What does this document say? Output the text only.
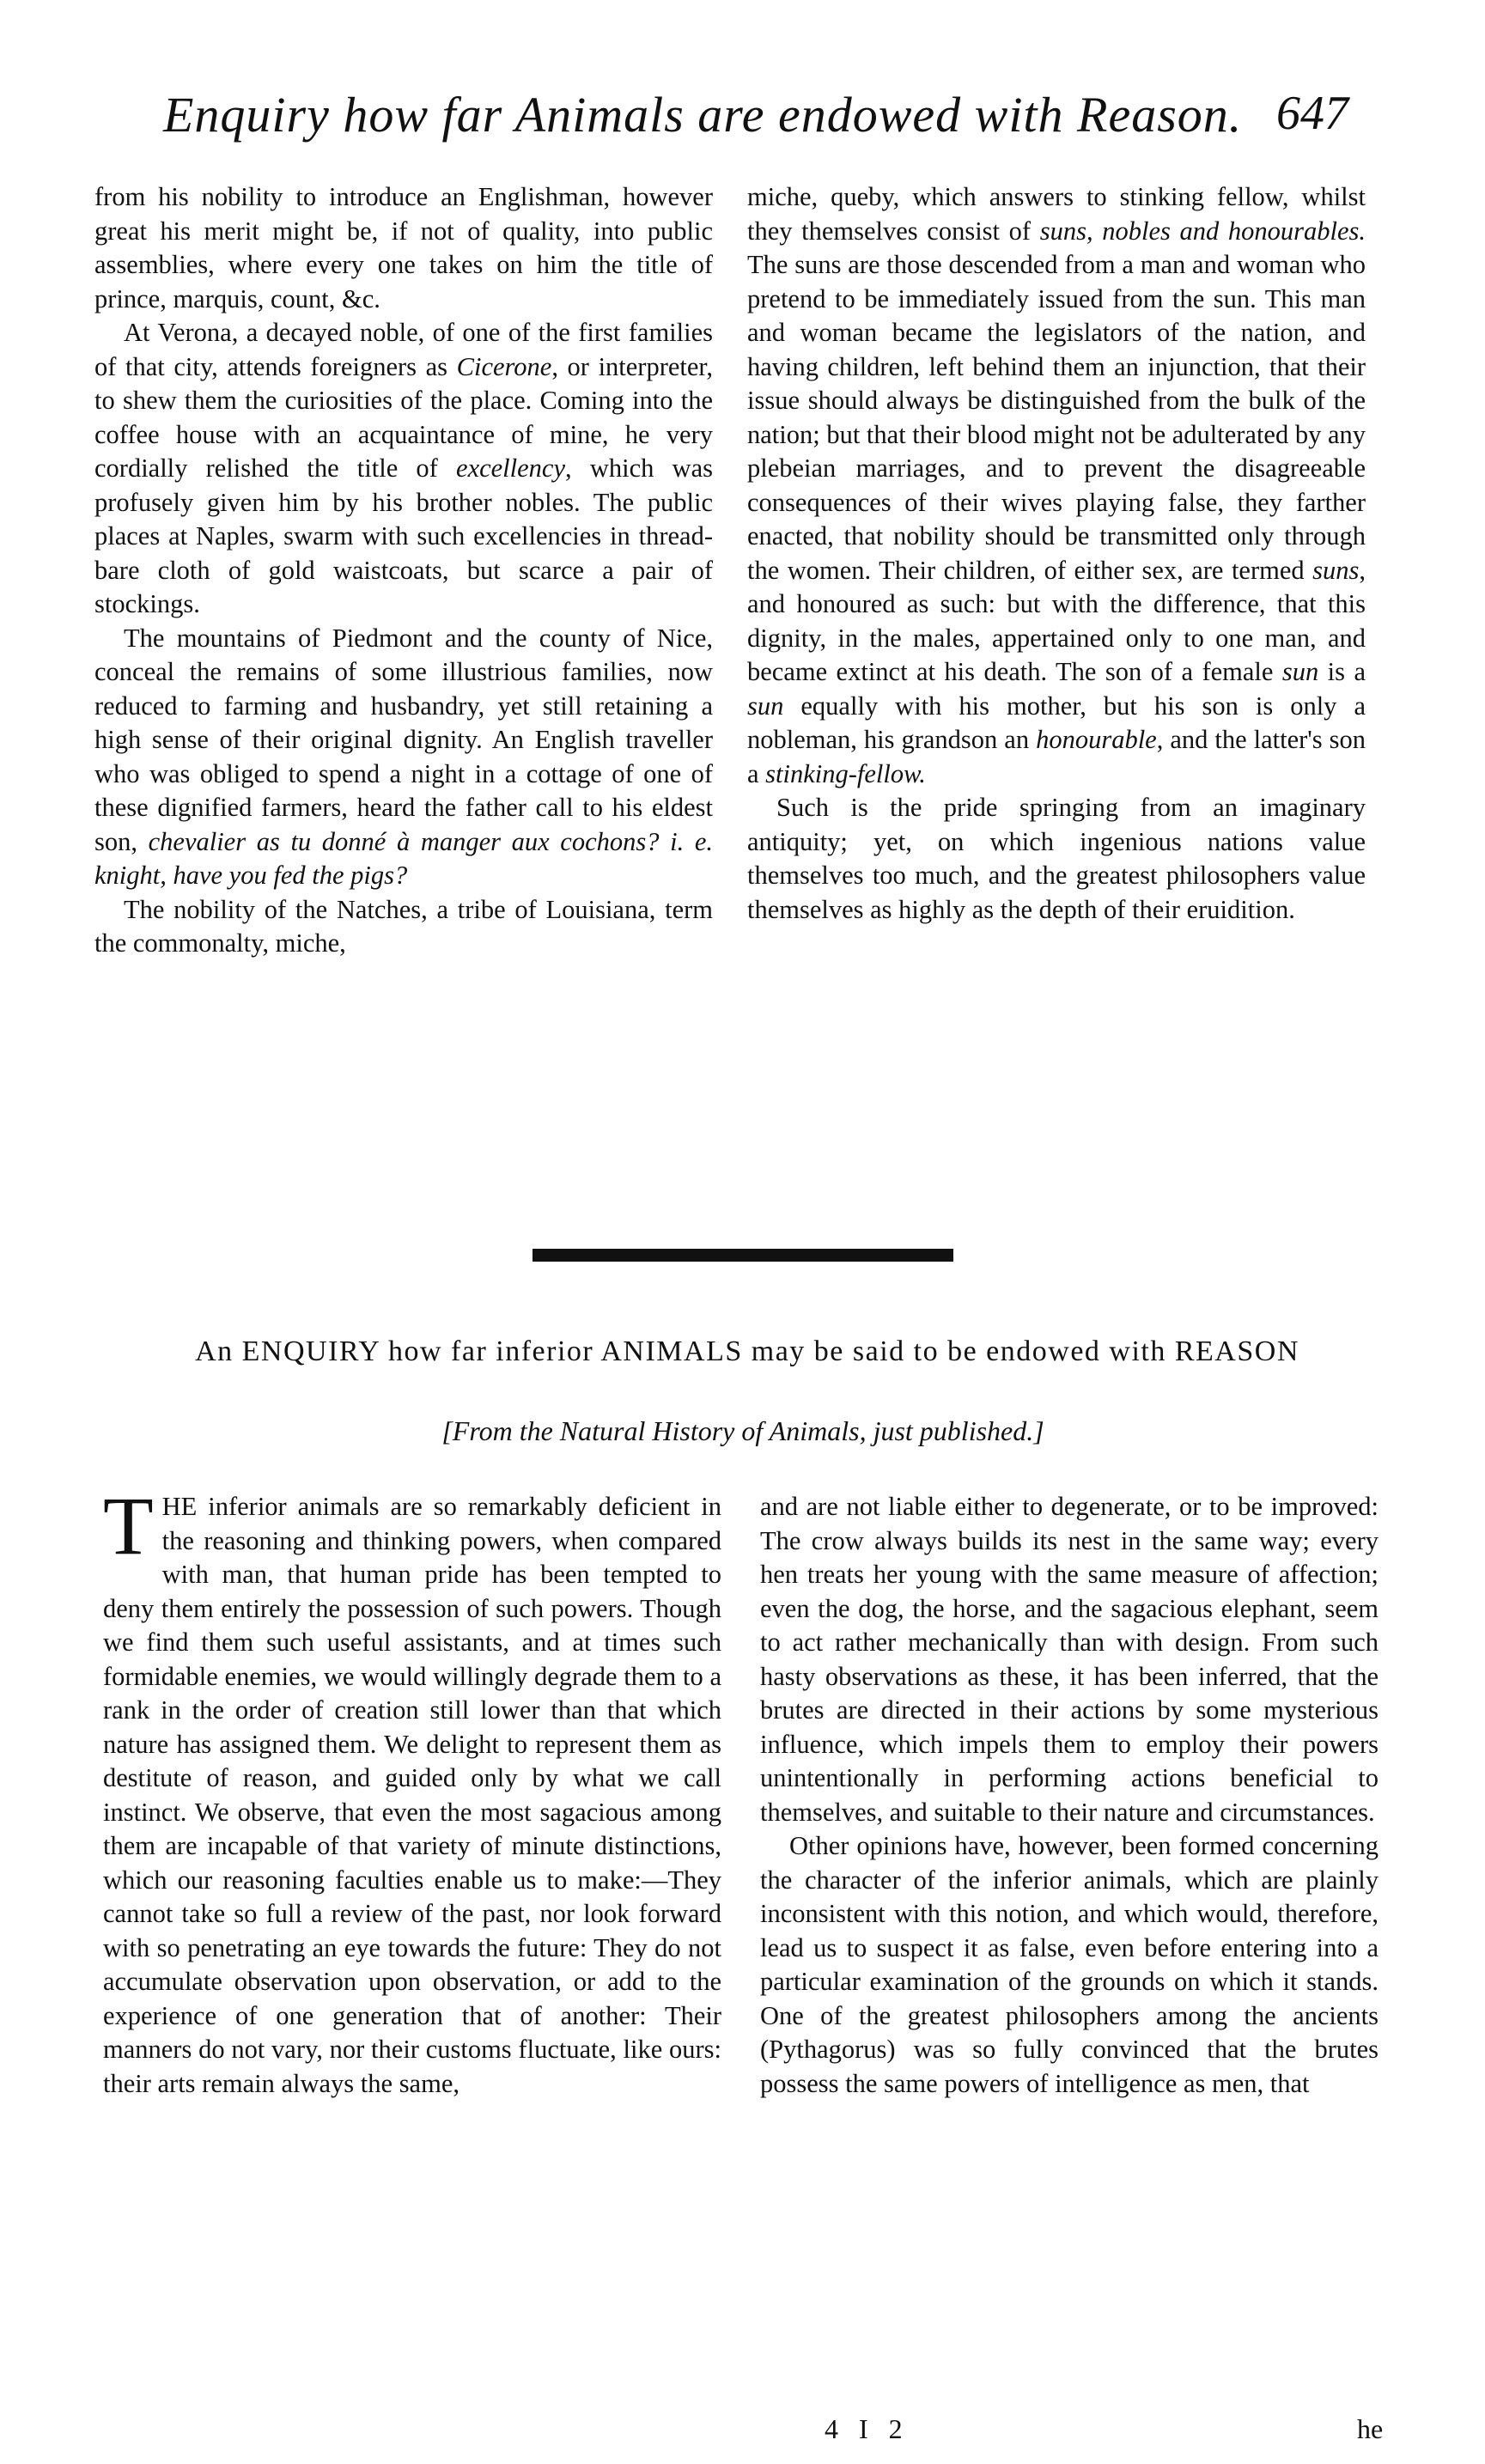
Enquiry how far Animals are endowed with Reason. 647

from his nobility to introduce an Englishman, however great his merit might be, if not of quality, into public assemblies, where every one takes on him the title of prince, marquis, count, &c.

At Verona, a decayed noble, of one of the first families of that city, attends foreigners as Cicerone, or interpreter, to shew them the curiosities of the place. Coming into the coffee house with an acquaintance of mine, he very cordially relished the title of excellency, which was profusely given him by his brother nobles. The public places at Naples, swarm with such excellencies in thread-bare cloth of gold waistcoats, but scarce a pair of stockings.

The mountains of Piedmont and the county of Nice, conceal the remains of some illustrious families, now reduced to farming and husbandry, yet still retaining a high sense of their original dignity. An English traveller who was obliged to spend a night in a cottage of one of these dignified farmers, heard the father call to his eldest son, chevalier as tu donné à manger aux cochons? i. e. knight, have you fed the pigs?

The nobility of the Natches, a tribe of Louisiana, term the commonalty, miche,

miche, queby, which answers to stinking fellow, whilst they themselves consist of suns, nobles and honourables. The suns are those descended from a man and woman who pretend to be immediately issued from the sun. This man and woman became the legislators of the nation, and having children, left behind them an injunction, that their issue should always be distinguished from the bulk of the nation; but that their blood might not be adulterated by any plebeian marriages, and to prevent the disagreeable consequences of their wives playing false, they farther enacted, that nobility should be transmitted only through the women. Their children, of either sex, are termed suns, and honoured as such: but with the difference, that this dignity, in the males, appertained only to one man, and became extinct at his death. The son of a female sun is a sun equally with his mother, but his son is only a nobleman, his grandson an honourable, and the latter's son a stinking-fellow.

Such is the pride springing from an imaginary antiquity; yet, on which ingenious nations value themselves too much, and the greatest philosophers value themselves as highly as the depth of their eruidition.

An ENQUIRY how far inferior ANIMALS may be said to be endowed with REASON
[From the Natural History of Animals, just published.]

THE inferior animals are so remarkably deficient in the reasoning and thinking powers, when compared with man, that human pride has been tempted to deny them entirely the possession of such powers. Though we find them such useful assistants, and at times such formidable enemies, we would willingly degrade them to a rank in the order of creation still lower than that which nature has assigned them. We delight to represent them as destitute of reason, and guided only by what we call instinct. We observe, that even the most sagacious among them are incapable of that variety of minute distinctions, which our reasoning faculties enable us to make:—They cannot take so full a review of the past, nor look forward with so penetrating an eye towards the future: They do not accumulate observation upon observation, or add to the experience of one generation that of another: Their manners do not vary, nor their customs fluctuate, like ours: their arts remain always the same,

and are not liable either to degenerate, or to be improved: The crow always builds its nest in the same way; every hen treats her young with the same measure of affection; even the dog, the horse, and the sagacious elephant, seem to act rather mechanically than with design. From such hasty observations as these, it has been inferred, that the brutes are directed in their actions by some mysterious influence, which impels them to employ their powers unintentionally in performing actions beneficial to themselves, and suitable to their nature and circumstances.

Other opinions have, however, been formed concerning the character of the inferior animals, which are plainly inconsistent with this notion, and which would, therefore, lead us to suspect it as false, even before entering into a particular examination of the grounds on which it stands. One of the greatest philosophers among the ancients (Pythagorus) was so fully convinced that the brutes possess the same powers of intelligence as men, that

4 I 2	he
